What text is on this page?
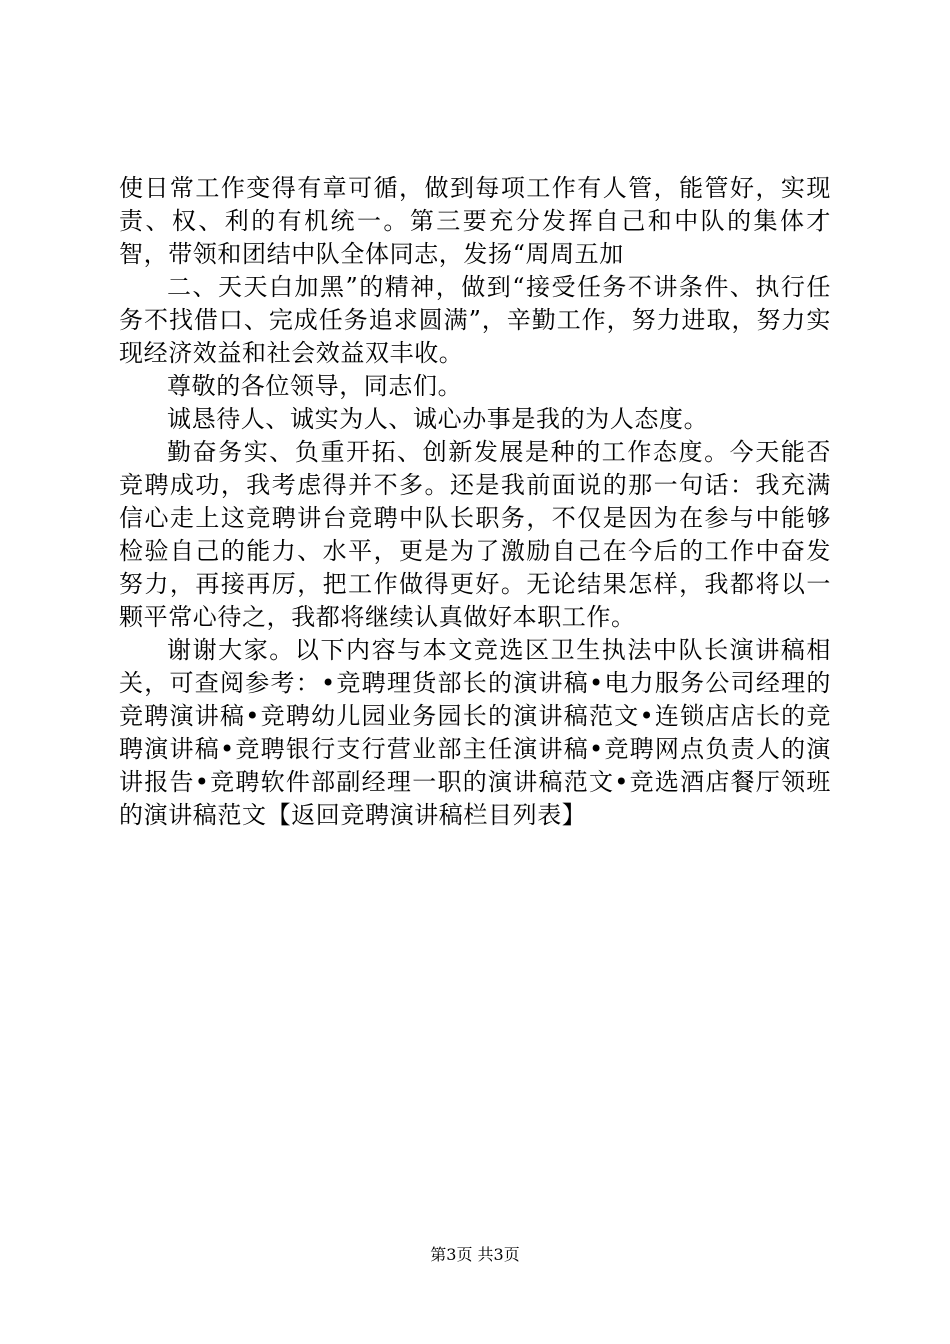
使日常工作变得有章可循，做到每项工作有人管，能管好，实现责、权、利的有机统一。第三要充分发挥自己和中队的集体才智，带领和团结中队全体同志，发扬“周周五加

二、天天白加黑”的精神，做到“接受任务不讲条件、执行任务不找借口、完成任务追求圆满”，辛勤工作，努力进取，努力实现经济效益和社会效益双丰收。

尊敬的各位领导，同志们。

诚恳待人、诚实为人、诚心办事是我的为人态度。

勤奋务实、负重开拓、创新发展是种的工作态度。今天能否竞聘成功，我考虑得并不多。还是我前面说的那一句话：我充满信心走上这竞聘讲台竞聘中队长职务，不仅是因为在参与中能够检验自己的能力、水平，更是为了激励自己在今后的工作中奋发努力，再接再厉，把工作做得更好。无论结果怎样，我都将以一颗平常心待之，我都将继续认真做好本职工作。

谢谢大家。以下内容与本文竞选区卫生执法中队长演讲稿相关，可查阅参考：•竞聘理货部长的演讲稿•电力服务公司经理的竞聘演讲稿•竞聘幼儿园业务园长的演讲稿范文•连锁店店长的竞聘演讲稿•竞聘银行支行营业部主任演讲稿•竞聘网点负责人的演讲报告•竞聘软件部副经理一职的演讲稿范文•竞选酒店餐厅领班的演讲稿范文【返回竞聘演讲稿栏目列表】

第3页 共3页
